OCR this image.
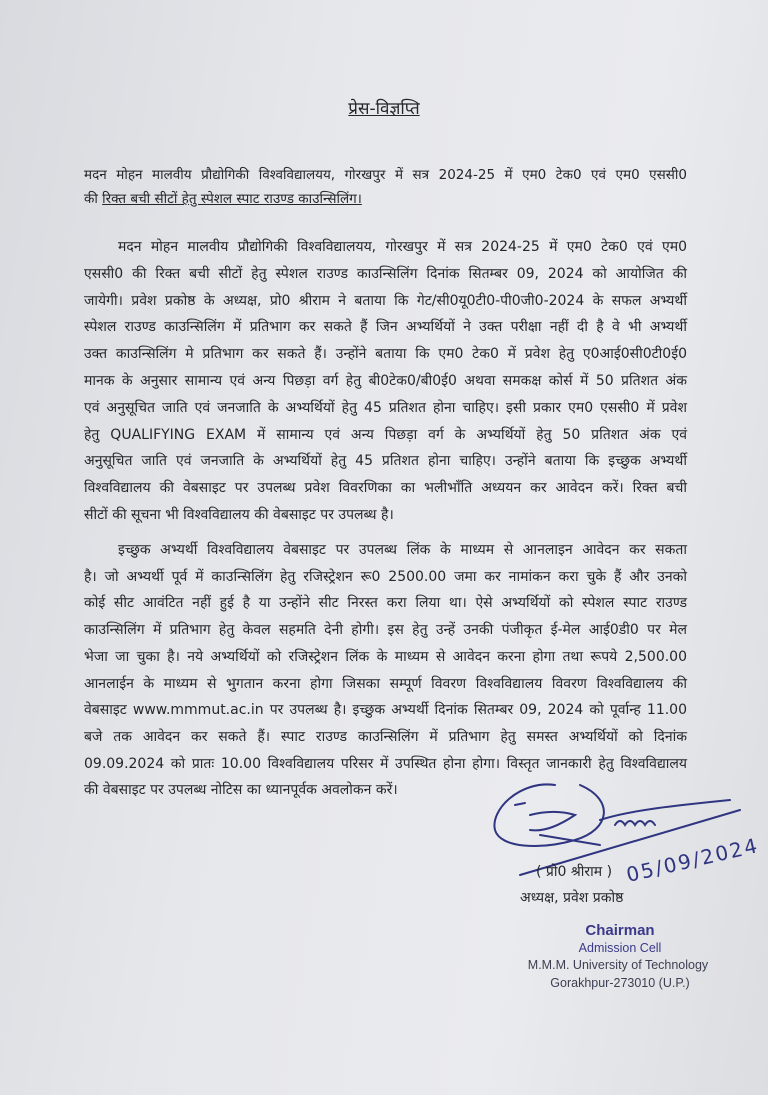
प्रेस-विज्ञप्ति
मदन मोहन मालवीय प्रौद्योगिकी विश्वविद्यालयय, गोरखपुर में सत्र 2024-25 में एम0 टेक0 एवं एम0 एससी0
की रिक्त बची सीटों हेतु स्पेशल स्पाट राउण्ड काउन्सिलिंग।
मदन मोहन मालवीय प्रौद्योगिकी विश्वविद्यालयय, गोरखपुर में सत्र 2024-25 में एम0 टेक0 एवं एम0
एससी0 की रिक्त बची सीटों हेतु स्पेशल राउण्ड काउन्सिलिंग दिनांक सितम्बर 09, 2024 को आयोजित की
जायेगी। प्रवेश प्रकोष्ठ के अध्यक्ष, प्रो0 श्रीराम ने बताया कि गेट/सी0यू0टी0-पी0जी0-2024 के सफल अभ्यर्थी
स्पेशल राउण्ड काउन्सिलिंग में प्रतिभाग कर सकते हैं जिन अभ्यर्थियों ने उक्त परीक्षा नहीं दी है वे भी अभ्यर्थी
उक्त काउन्सिलिंग मे प्रतिभाग कर सकते हैं। उन्होंने बताया कि एम0 टेक0 में प्रवेश हेतु ए0आई0सी0टी0ई0
मानक के अनुसार सामान्य एवं अन्य पिछड़ा वर्ग हेतु बी0टेक0/बी0ई0 अथवा समकक्ष कोर्स में 50 प्रतिशत अंक
एवं अनुसूचित जाति एवं जनजाति के अभ्यर्थियों हेतु 45 प्रतिशत होना चाहिए। इसी प्रकार एम0 एससी0 में प्रवेश
हेतु QUALIFYING EXAM में सामान्य एवं अन्य पिछड़ा वर्ग के अभ्यर्थियों हेतु 50 प्रतिशत अंक एवं
अनुसूचित जाति एवं जनजाति के अभ्यर्थियों हेतु 45 प्रतिशत होना चाहिए। उन्होंने बताया कि इच्छुक अभ्यर्थी
विश्वविद्यालय की वेबसाइट पर उपलब्ध प्रवेश विवरणिका का भलीभाँति अध्ययन कर आवेदन करें। रिक्त बची
सीटों की सूचना भी विश्वविद्यालय की वेबसाइट पर उपलब्ध है।
इच्छुक अभ्यर्थी विश्वविद्यालय वेबसाइट पर उपलब्ध लिंक के माध्यम से आनलाइन आवेदन कर सकता
है। जो अभ्यर्थी पूर्व में काउन्सिलिंग हेतु रजिस्ट्रेशन रू0 2500.00 जमा कर नामांकन करा चुके हैं और उनको
कोई सीट आवंटित नहीं हुई है या उन्होंने सीट निरस्त करा लिया था। ऐसे अभ्यर्थियों को स्पेशल स्पाट राउण्ड
काउन्सिलिंग में प्रतिभाग हेतु केवल सहमति देनी होगी। इस हेतु उन्हें उनकी पंजीकृत ई-मेल आई0डी0 पर मेल
भेजा जा चुका है। नये अभ्यर्थियों को रजिस्ट्रेशन लिंक के माध्यम से आवेदन करना होगा तथा रूपये 2,500.00
आनलाईन के माध्यम से भुगतान करना होगा जिसका सम्पूर्ण विवरण विश्वविद्यालय विवरण विश्वविद्यालय की
वेबसाइट www.mmmut.ac.in पर उपलब्ध है। इच्छुक अभ्यर्थी दिनांक सितम्बर 09, 2024 को पूर्वान्ह 11.00
बजे तक आवेदन कर सकते हैं। स्पाट राउण्ड काउन्सिलिंग में प्रतिभाग हेतु समस्त अभ्यर्थियों को दिनांक
09.09.2024 को प्रातः 10.00 विश्वविद्यालय परिसर में उपस्थित होना होगा। विस्तृत जानकारी हेतु विश्वविद्यालय
की वेबसाइट पर उपलब्ध नोटिस का ध्यानपूर्वक अवलोकन करें।
05/09/2024
( प्रो0 श्रीराम )
अध्यक्ष, प्रवेश प्रकोष्ठ
Chairman
Admission Cell
M.M.M. University of Technology
Gorakhpur-273010 (U.P.)
